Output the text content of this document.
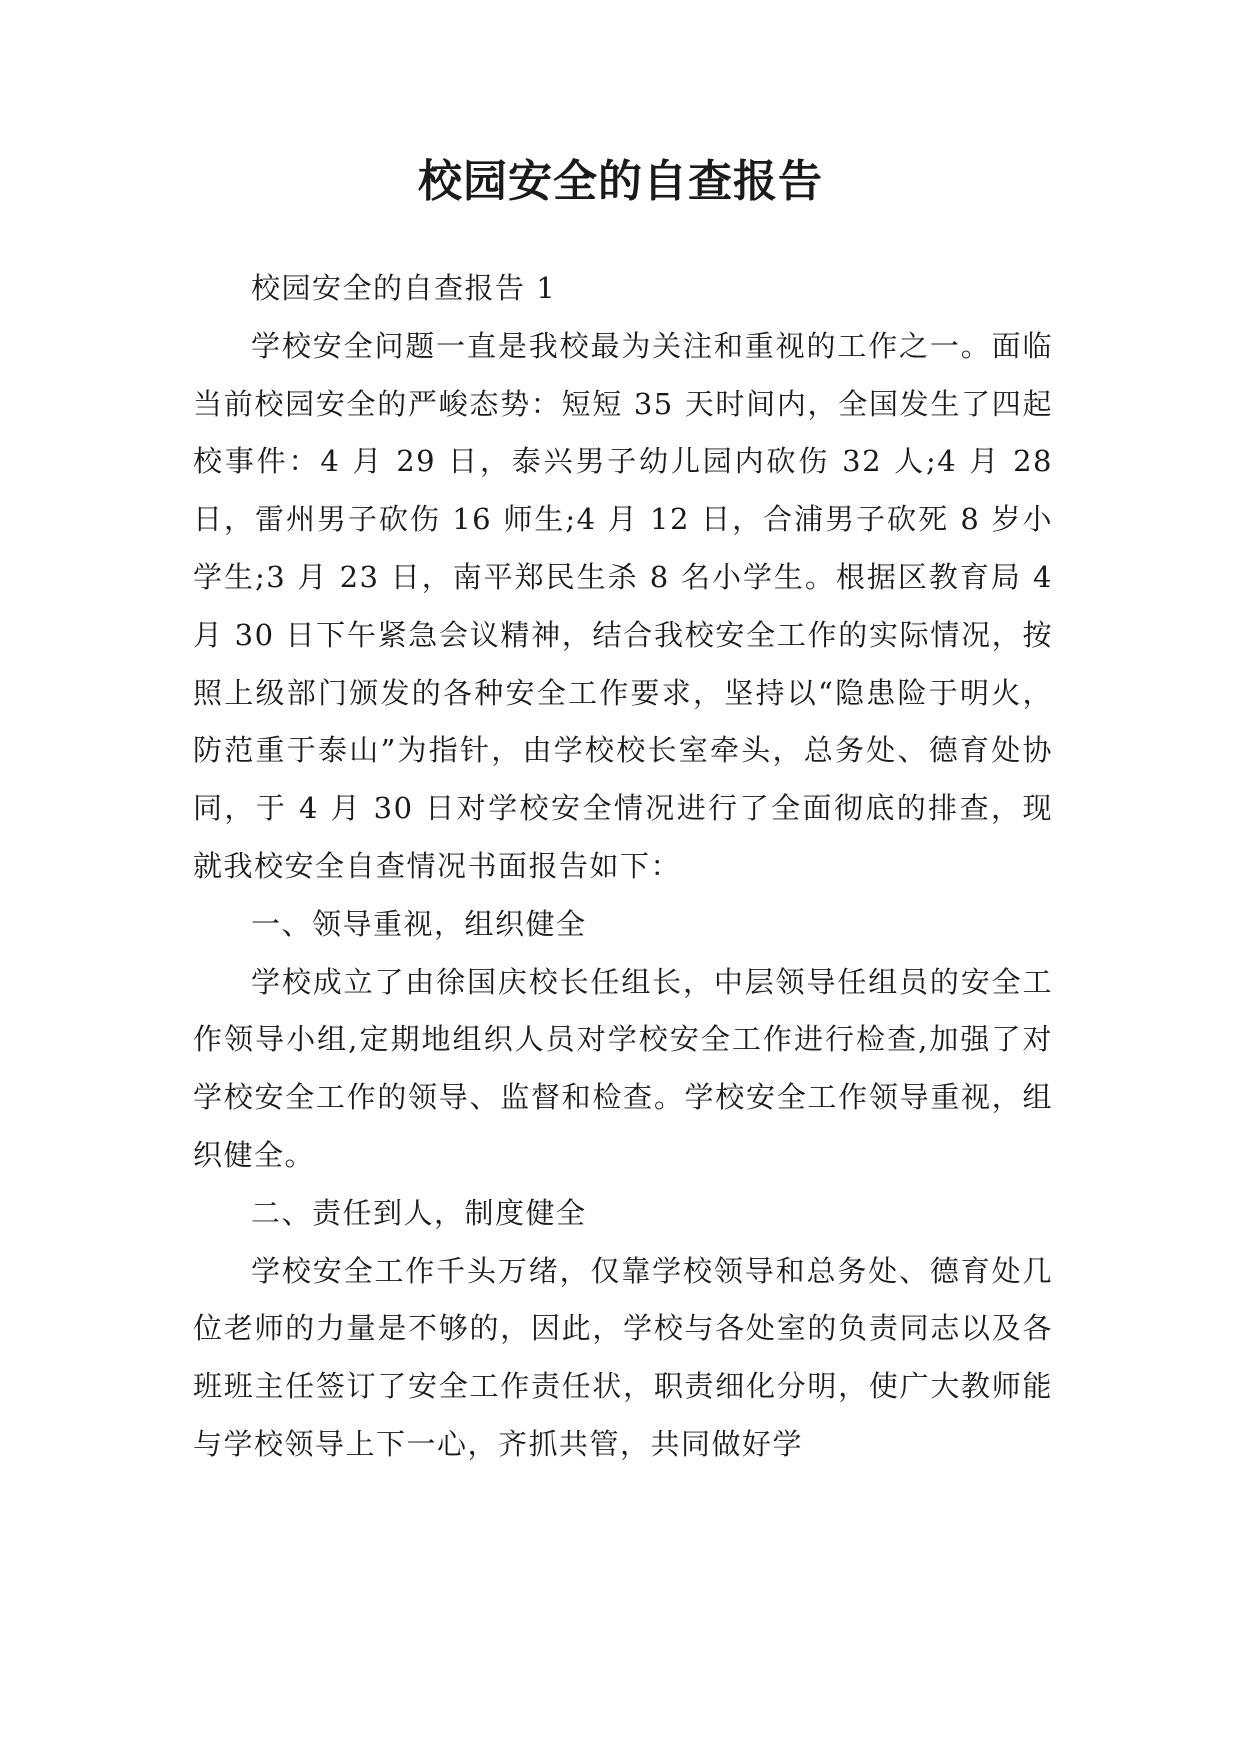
校园安全的自查报告

校园安全的自查报告 1

学校安全问题一直是我校最为关注和重视的工作之一。面临当前校园安全的严峻态势：短短 35 天时间内，全国发生了四起校事件：4 月 29 日，泰兴男子幼儿园内砍伤 32 人;4 月 28 日，雷州男子砍伤 16 师生;4 月 12 日，合浦男子砍死 8 岁小学生;3 月 23 日，南平郑民生杀 8 名小学生。根据区教育局 4 月 30 日下午紧急会议精神，结合我校安全工作的实际情况，按照上级部门颁发的各种安全工作要求，坚持以“隐患险于明火，防范重于泰山”为指针，由学校校长室牵头，总务处、德育处协同，于 4 月 30 日对学校安全情况进行了全面彻底的排查，现就我校安全自查情况书面报告如下：

一、领导重视，组织健全

学校成立了由徐国庆校长任组长，中层领导任组员的安全工作领导小组,定期地组织人员对学校安全工作进行检查,加强了对学校安全工作的领导、监督和检查。学校安全工作领导重视，组织健全。

二、责任到人，制度健全

学校安全工作千头万绪，仅靠学校领导和总务处、德育处几位老师的力量是不够的，因此，学校与各处室的负责同志以及各班班主任签订了安全工作责任状，职责细化分明，使广大教师能与学校领导上下一心，齐抓共管，共同做好学
